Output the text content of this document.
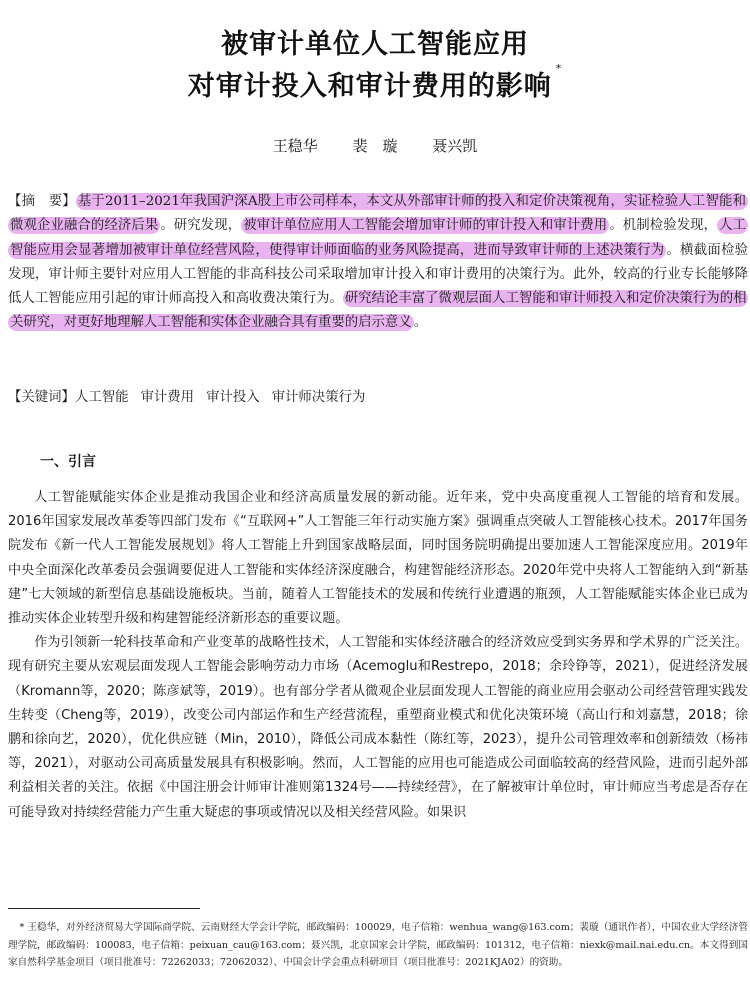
被审计单位人工智能应用
对审计投入和审计费用的影响*
王稳华 裴　璇 聂兴凯
【摘　要】 基于2011–2021年我国沪深A股上市公司样本，本文从外部审计师的投入和定价决策视角，实证检验人工智能和微观企业融合的经济后果 。研究发现， 被审计单位应用人工智能会增加审计师的审计投入和审计费用 。机制检验发现， 人工智能应用会显著增加被审计单位经营风险，使得审计师面临的业务风险提高，进而导致审计师的上述决策行为 。横截面检验发现，审计师主要针对应用人工智能的非高科技公司采取增加审计投入和审计费用的决策行为。此外，较高的行业专长能够降低人工智能应用引起的审计师高投入和高收费决策行为。 研究结论丰富了微观层面人工智能和审计师投入和定价决策行为的相关研究，对更好地理解人工智能和实体企业融合具有重要的启示意义 。
【关键词】人工智能 审计费用 审计投入 审计师决策行为
一、引言

人工智能赋能实体企业是推动我国企业和经济高质量发展的新动能。近年来，党中央高度重视人工智能的培育和发展。2016年国家发展改革委等四部门发布《“互联网+”人工智能三年行动实施方案》强调重点突破人工智能核心技术。2017年国务院发布《新一代人工智能发展规划》将人工智能上升到国家战略层面，同时国务院明确提出要加速人工智能深度应用。2019年中央全面深化改革委员会强调要促进人工智能和实体经济深度融合，构建智能经济形态。2020年党中央将人工智能纳入到“新基建”七大领域的新型信息基础设施板块。当前，随着人工智能技术的发展和传统行业遭遇的瓶颈，人工智能赋能实体企业已成为推动实体企业转型升级和构建智能经济新形态的重要议题。

作为引领新一轮科技革命和产业变革的战略性技术，人工智能和实体经济融合的经济效应受到实务界和学术界的广泛关注。现有研究主要从宏观层面发现人工智能会影响劳动力市场（Acemoglu和Restrepo，2018；余玲铮等，2021），促进经济发展（Kromann等，2020；陈彦斌等，2019）。也有部分学者从微观企业层面发现人工智能的商业应用会驱动公司经营管理实践发生转变（Cheng等，2019），改变公司内部运作和生产经营流程，重塑商业模式和优化决策环境（高山行和刘嘉慧，2018；徐鹏和徐向艺，2020），优化供应链（Min，2010），降低公司成本黏性（陈红等，2023），提升公司管理效率和创新绩效（杨祎等，2021），对驱动公司高质量发展具有积极影响。然而，人工智能的应用也可能造成公司面临较高的经营风险，进而引起外部利益相关者的关注。依据《中国注册会计师审计准则第1324号——持续经营》，在了解被审计单位时，审计师应当考虑是否存在可能导致对持续经营能力产生重大疑虑的事项或情况以及相关经营风险。如果识

* 王稳华，对外经济贸易大学国际商学院、云南财经大学会计学院，邮政编码：100029，电子信箱：wenhua_wang@163.com；裴璇（通讯作者），中国农业大学经济管理学院，邮政编码：100083，电子信箱：peixuan_cau@163.com；聂兴凯，北京国家会计学院，邮政编码：101312，电子信箱：niexk@mail.nai.edu.cn。本文得到国家自然科学基金项目（项目批准号：72262033；72062032）、中国会计学会重点科研项目（项目批准号：2021KJA02）的资助。
